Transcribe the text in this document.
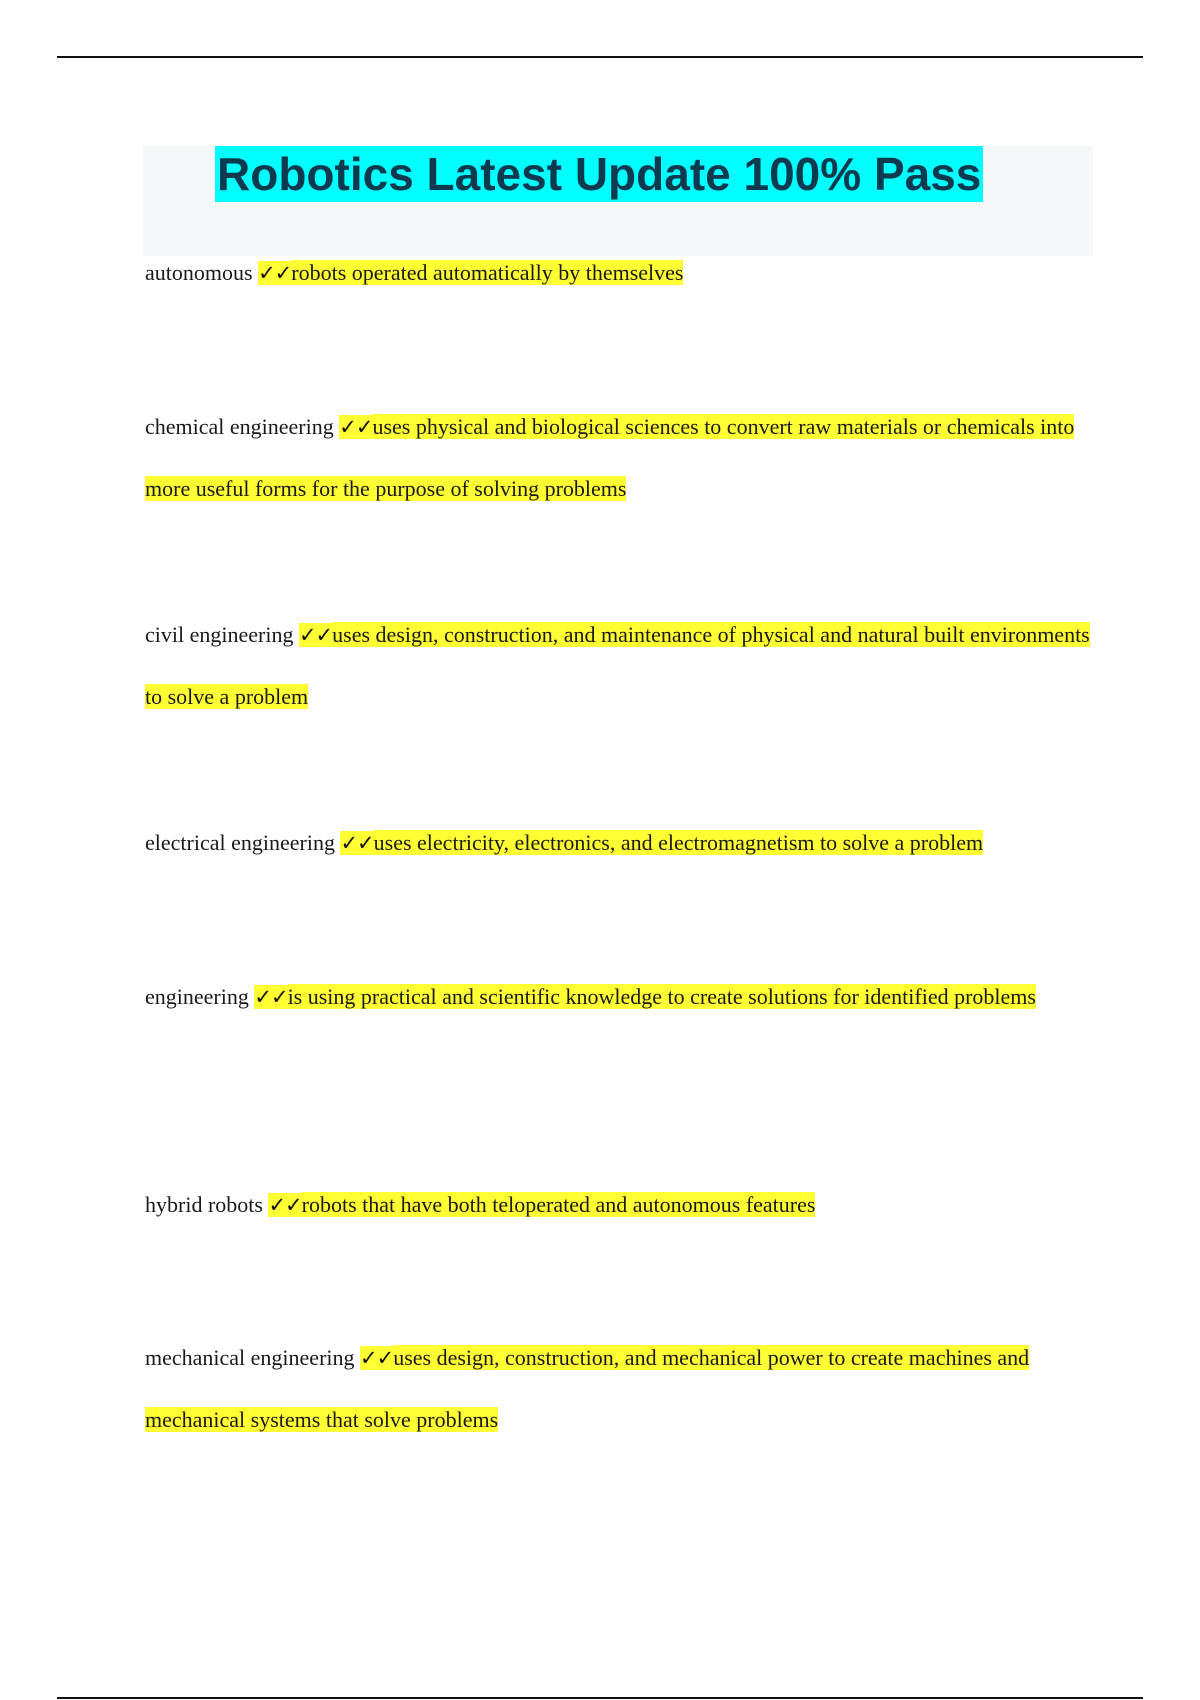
Robotics Latest Update 100% Pass
autonomous ✓✓robots operated automatically by themselves
chemical engineering ✓✓uses physical and biological sciences to convert raw materials or chemicals into more useful forms for the purpose of solving problems
civil engineering ✓✓uses design, construction, and maintenance of physical and natural built environments to solve a problem
electrical engineering ✓✓uses electricity, electronics, and electromagnetism to solve a problem
engineering ✓✓is using practical and scientific knowledge to create solutions for identified problems
hybrid robots ✓✓robots that have both teloperated and autonomous features
mechanical engineering ✓✓uses design, construction, and mechanical power to create machines and mechanical systems that solve problems
